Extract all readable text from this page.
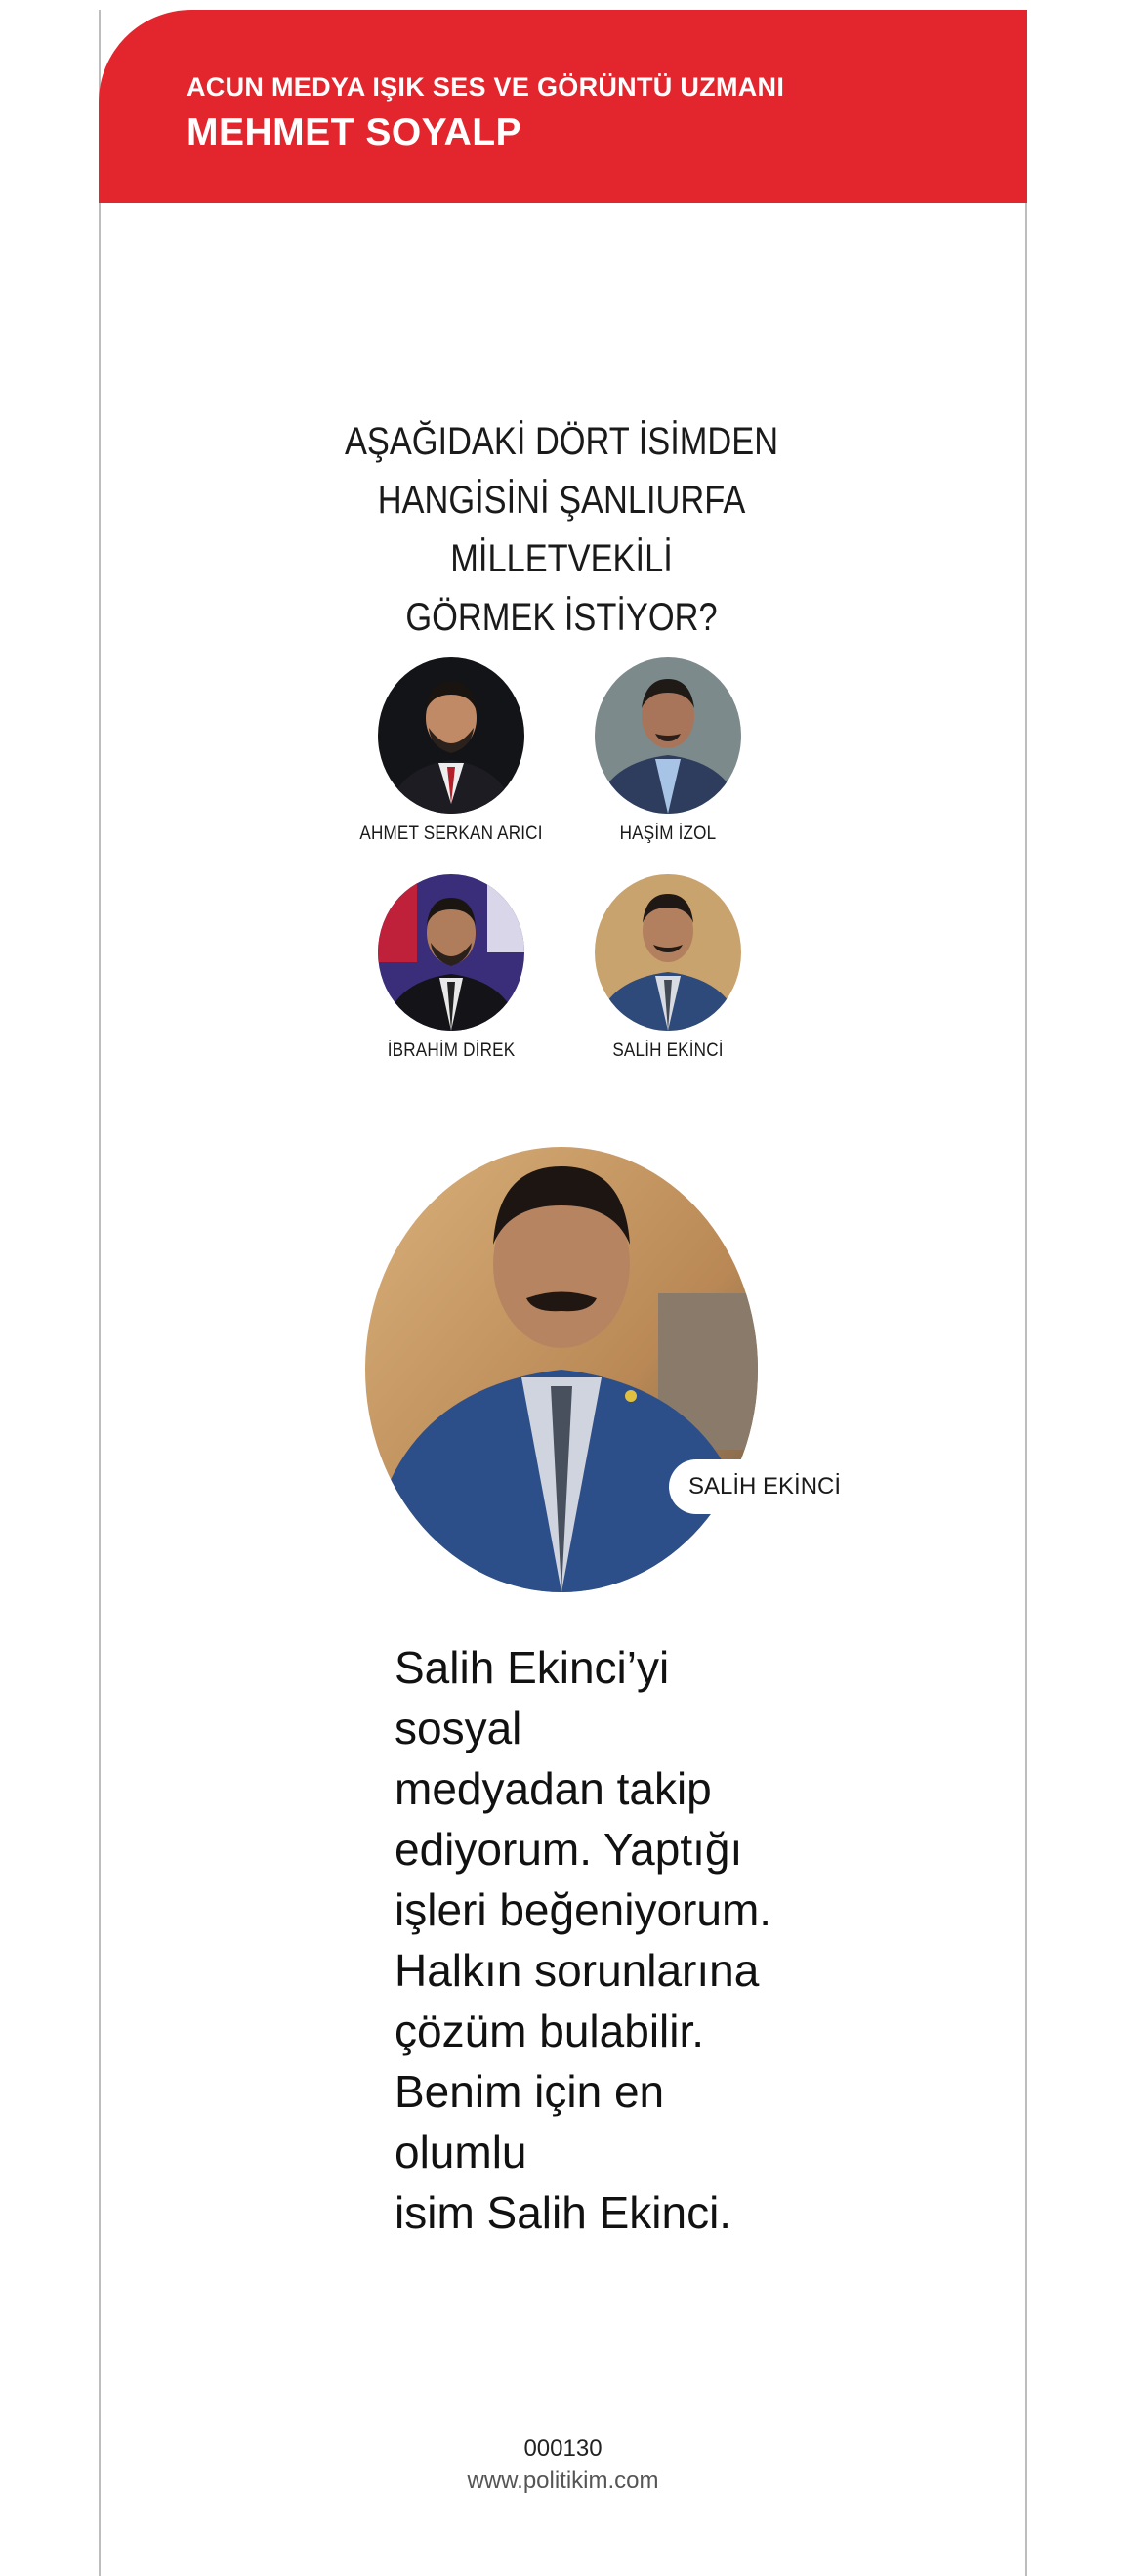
ACUN MEDYA IŞIK SES VE GÖRÜNTÜ UZMANI
MEHMET SOYALP
AŞAĞIDAKİ DÖRT İSİMDEN
HANGİSİNİ ŞANLIURFA MİLLETVEKİLİ
GÖRMEK İSTİYOR?
AHMET SERKAN ARICI	HAŞİM İZOL
İBRAHİM DİREK	SALİH EKİNCİ
SALİH EKİNCİ
Salih Ekinci’yi sosyal
medyadan takip
ediyorum. Yaptığı
işleri beğeniyorum.
Halkın sorunlarına
çözüm bulabilir.
Benim için en olumlu
isim Salih Ekinci.
000130
www.politikim.com
